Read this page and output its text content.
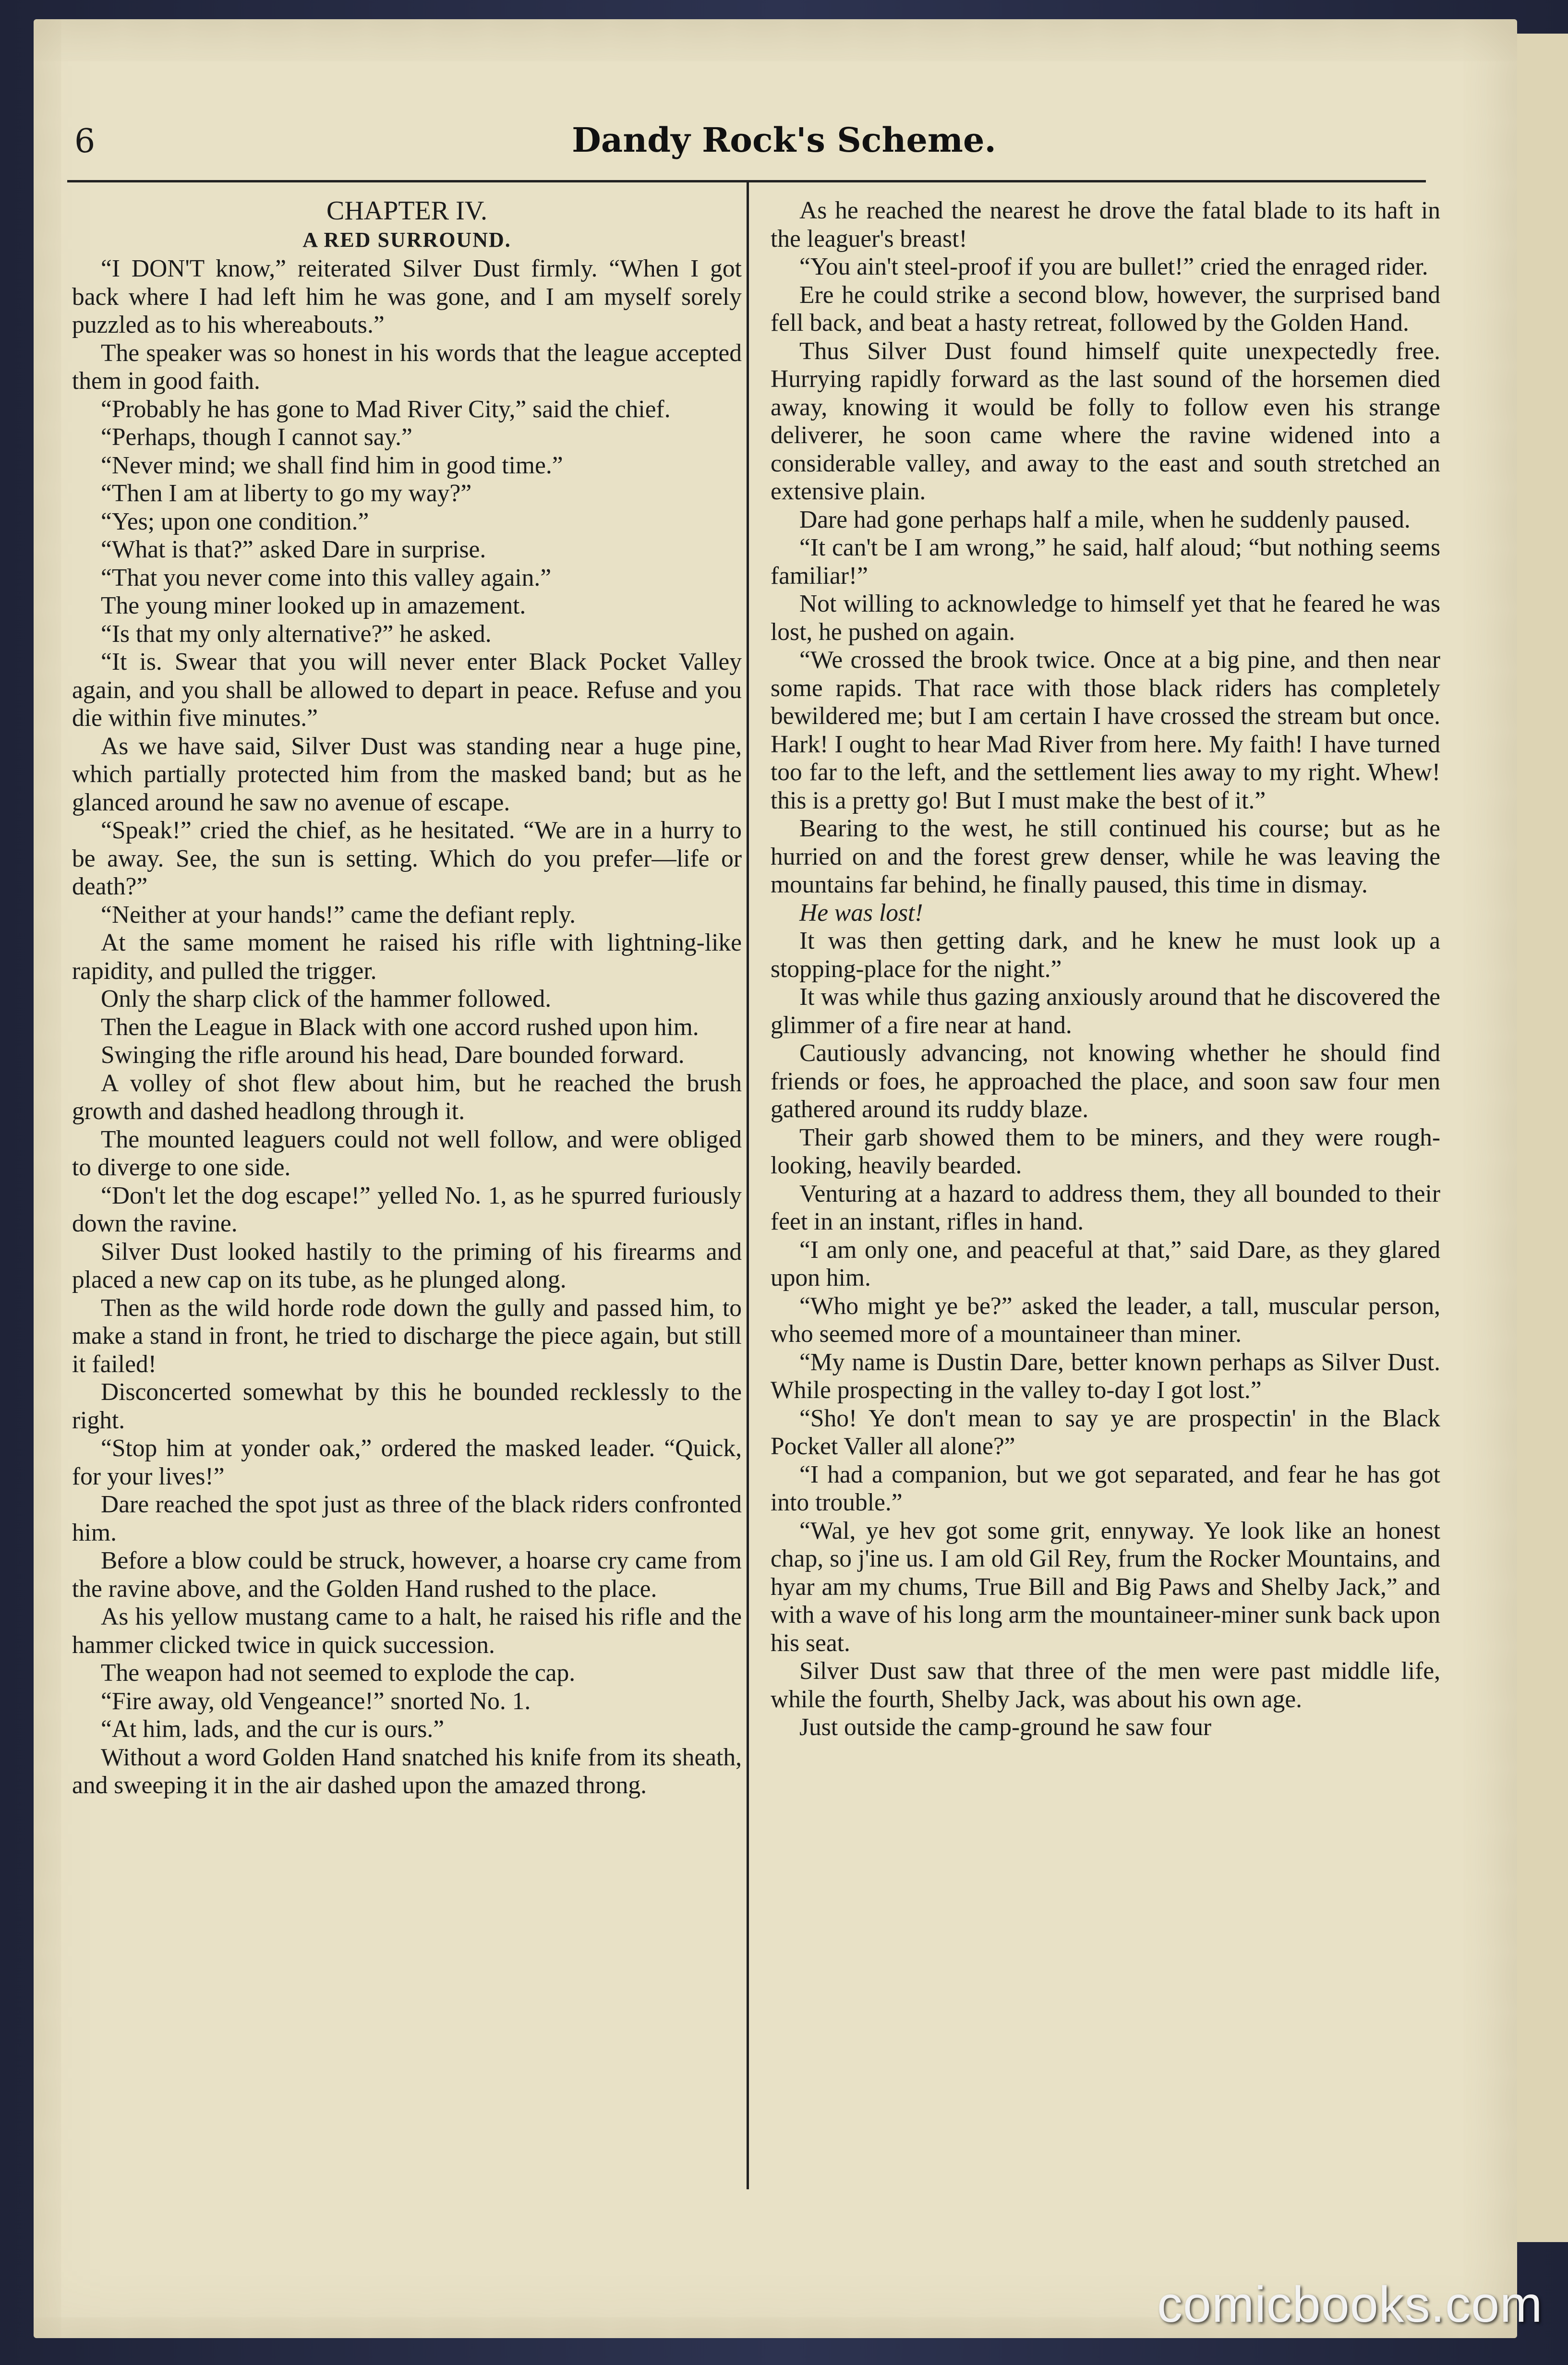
6	Dandy Rock's Scheme.
CHAPTER IV.
A RED SURROUND.

“I DON'T know,” reiterated Silver Dust firmly. “When I got back where I had left him he was gone, and I am myself sorely puzzled as to his whereabouts.”

The speaker was so honest in his words that the league accepted them in good faith.

“Probably he has gone to Mad River City,” said the chief.

“Perhaps, though I cannot say.”

“Never mind; we shall find him in good time.”

“Then I am at liberty to go my way?”

“Yes; upon one condition.”

“What is that?” asked Dare in surprise.

“That you never come into this valley again.”

The young miner looked up in amazement.

“Is that my only alternative?” he asked.

“It is. Swear that you will never enter Black Pocket Valley again, and you shall be allowed to depart in peace. Refuse and you die within five minutes.”

As we have said, Silver Dust was standing near a huge pine, which partially protected him from the masked band; but as he glanced around he saw no avenue of escape.

“Speak!” cried the chief, as he hesitated. “We are in a hurry to be away. See, the sun is setting. Which do you prefer—life or death?”

“Neither at your hands!” came the defiant reply.

At the same moment he raised his rifle with lightning-like rapidity, and pulled the trigger.

Only the sharp click of the hammer followed.

Then the League in Black with one accord rushed upon him.

Swinging the rifle around his head, Dare bounded forward.

A volley of shot flew about him, but he reached the brush growth and dashed headlong through it.

The mounted leaguers could not well follow, and were obliged to diverge to one side.

“Don't let the dog escape!” yelled No. 1, as he spurred furiously down the ravine.

Silver Dust looked hastily to the priming of his firearms and placed a new cap on its tube, as he plunged along.

Then as the wild horde rode down the gully and passed him, to make a stand in front, he tried to discharge the piece again, but still it failed!

Disconcerted somewhat by this he bounded recklessly to the right.

“Stop him at yonder oak,” ordered the masked leader. “Quick, for your lives!”

Dare reached the spot just as three of the black riders confronted him.

Before a blow could be struck, however, a hoarse cry came from the ravine above, and the Golden Hand rushed to the place.

As his yellow mustang came to a halt, he raised his rifle and the hammer clicked twice in quick succession.

The weapon had not seemed to explode the cap.

“Fire away, old Vengeance!” snorted No. 1.

“At him, lads, and the cur is ours.”

Without a word Golden Hand snatched his knife from its sheath, and sweeping it in the air dashed upon the amazed throng.

As he reached the nearest he drove the fatal blade to its haft in the leaguer's breast!

“You ain't steel-proof if you are bullet!” cried the enraged rider.

Ere he could strike a second blow, however, the surprised band fell back, and beat a hasty retreat, followed by the Golden Hand.

Thus Silver Dust found himself quite unexpectedly free. Hurrying rapidly forward as the last sound of the horsemen died away, knowing it would be folly to follow even his strange deliverer, he soon came where the ravine widened into a considerable valley, and away to the east and south stretched an extensive plain.

Dare had gone perhaps half a mile, when he suddenly paused.

“It can't be I am wrong,” he said, half aloud; “but nothing seems familiar!”

Not willing to acknowledge to himself yet that he feared he was lost, he pushed on again.

“We crossed the brook twice. Once at a big pine, and then near some rapids. That race with those black riders has completely bewildered me; but I am certain I have crossed the stream but once. Hark! I ought to hear Mad River from here. My faith! I have turned too far to the left, and the settlement lies away to my right. Whew! this is a pretty go! But I must make the best of it.”

Bearing to the west, he still continued his course; but as he hurried on and the forest grew denser, while he was leaving the mountains far behind, he finally paused, this time in dismay.

He was lost!

It was then getting dark, and he knew he must look up a stopping-place for the night.”

It was while thus gazing anxiously around that he discovered the glimmer of a fire near at hand.

Cautiously advancing, not knowing whether he should find friends or foes, he approached the place, and soon saw four men gathered around its ruddy blaze.

Their garb showed them to be miners, and they were rough-looking, heavily bearded.

Venturing at a hazard to address them, they all bounded to their feet in an instant, rifles in hand.

“I am only one, and peaceful at that,” said Dare, as they glared upon him.

“Who might ye be?” asked the leader, a tall, muscular person, who seemed more of a mountaineer than miner.

“My name is Dustin Dare, better known perhaps as Silver Dust. While prospecting in the valley to-day I got lost.”

“Sho! Ye don't mean to say ye are prospectin' in the Black Pocket Valler all alone?”

“I had a companion, but we got separated, and fear he has got into trouble.”

“Wal, ye hev got some grit, ennyway. Ye look like an honest chap, so j'ine us. I am old Gil Rey, frum the Rocker Mountains, and hyar am my chums, True Bill and Big Paws and Shelby Jack,” and with a wave of his long arm the mountaineer-miner sunk back upon his seat.

Silver Dust saw that three of the men were past middle life, while the fourth, Shelby Jack, was about his own age.

Just outside the camp-ground he saw four

comicbooks.com
